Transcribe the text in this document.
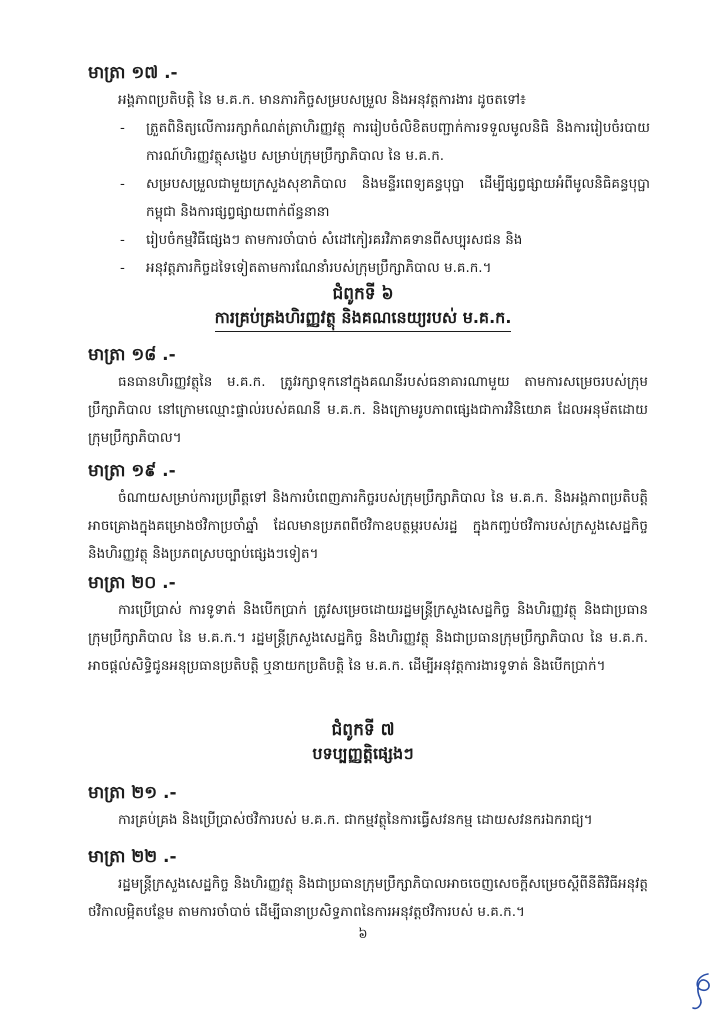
មាត្រា ១៧ .-
អង្គភាពប្រតិបត្តិ នៃ ម.គ.ក. មានភារកិច្ចសម្របសម្រួល និងអនុវត្តការងារ ដូចតទៅ៖
- ត្រួតពិនិត្យលើការរក្សាកំណត់ត្រាហិរញ្ញវត្ថុ ការរៀបចំលិខិតបញ្ជាក់ការទទួលមូលនិធិ និងការរៀបចំរបាយការណ៍ហិរញ្ញវត្ថុសង្ខេប សម្រាប់ក្រុមប្រឹក្សាភិបាល នៃ ម.គ.ក.
- សម្របសម្រួលជាមួយក្រសួងសុខាភិបាល និងមន្ទីរពេទ្យគន្ធបុប្ផា ដើម្បីផ្សព្វផ្សាយអំពីមូលនិធិគន្ធបុប្ផាកម្ពុជា និងការផ្សព្វផ្សាយពាក់ព័ន្ធនានា
- រៀបចំកម្មវិធីផ្សេងៗ តាមការចាំបាច់ សំដៅកៀរគរវិភាគទានពីសប្បុរសជន និង
- អនុវត្តភារកិច្ចដទៃទៀតតាមការណែនាំរបស់ក្រុមប្រឹក្សាភិបាល ម.គ.ក.។
ជំពូកទី ៦
ការគ្រប់គ្រងហិរញ្ញវត្ថុ និងគណនេយ្យរបស់ ម.គ.ក.
មាត្រា ១៨ .-
ធនធានហិរញ្ញវត្ថុនៃ ម.គ.ក. ត្រូវរក្សាទុកនៅក្នុងគណនីរបស់ធនាគារណាមួយ តាមការសម្រេចរបស់ក្រុមប្រឹក្សាភិបាល នៅក្រោមឈ្មោះផ្ទាល់របស់គណនី ម.គ.ក. និងក្រោមរូបភាពផ្សេងជាការវិនិយោគ ដែលអនុម័តដោយក្រុមប្រឹក្សាភិបាល។
មាត្រា ១៩ .-
ចំណាយសម្រាប់ការប្រព្រឹត្តទៅ និងការបំពេញភារកិច្ចរបស់ក្រុមប្រឹក្សាភិបាល នៃ ម.គ.ក. និងអង្គភាពប្រតិបត្តិ អាចគ្រោងក្នុងគម្រោងថវិកាប្រចាំឆ្នាំ ដែលមានប្រភពពីថវិកាឧបត្ថម្ភរបស់រដ្ឋ ក្នុងកញ្ចប់ថវិការបស់ក្រសួងសេដ្ឋកិច្ច និងហិរញ្ញវត្ថុ និងប្រភពស្របច្បាប់ផ្សេងៗទៀត។
មាត្រា ២០ .-
ការប្រើប្រាស់ ការទូទាត់ និងបើកប្រាក់ ត្រូវសម្រេចដោយរដ្ឋមន្ត្រីក្រសួងសេដ្ឋកិច្ច និងហិរញ្ញវត្ថុ និងជាប្រធានក្រុមប្រឹក្សាភិបាល នៃ ម.គ.ក.។ រដ្ឋមន្ត្រីក្រសួងសេដ្ឋកិច្ច និងហិរញ្ញវត្ថុ និងជាប្រធានក្រុមប្រឹក្សាភិបាល នៃ ម.គ.ក. អាចផ្ដល់សិទ្ធិជូនអនុប្រធានប្រតិបត្តិ ឬនាយកប្រតិបត្តិ នៃ ម.គ.ក. ដើម្បីអនុវត្តការងារទូទាត់ និងបើកប្រាក់។
ជំពូកទី ៧
បទប្បញ្ញត្តិផ្សេងៗ
មាត្រា ២១ .-
ការគ្រប់គ្រង និងប្រើប្រាស់ថវិការបស់ ម.គ.ក. ជាកម្មវត្ថុនៃការធ្វើសវនកម្ម ដោយសវនករឯករាជ្យ។
មាត្រា ២២ .-
រដ្ឋមន្ត្រីក្រសួងសេដ្ឋកិច្ច និងហិរញ្ញវត្ថុ និងជាប្រធានក្រុមប្រឹក្សាភិបាលអាចចេញសេចក្ដីសម្រេចស្ដីពីនីតិវិធីអនុវត្តថវិកាលម្អិតបន្ថែម តាមការចាំបាច់ ដើម្បីធានាប្រសិទ្ធភាពនៃការអនុវត្តថវិការបស់ ម.គ.ក.។
៦
